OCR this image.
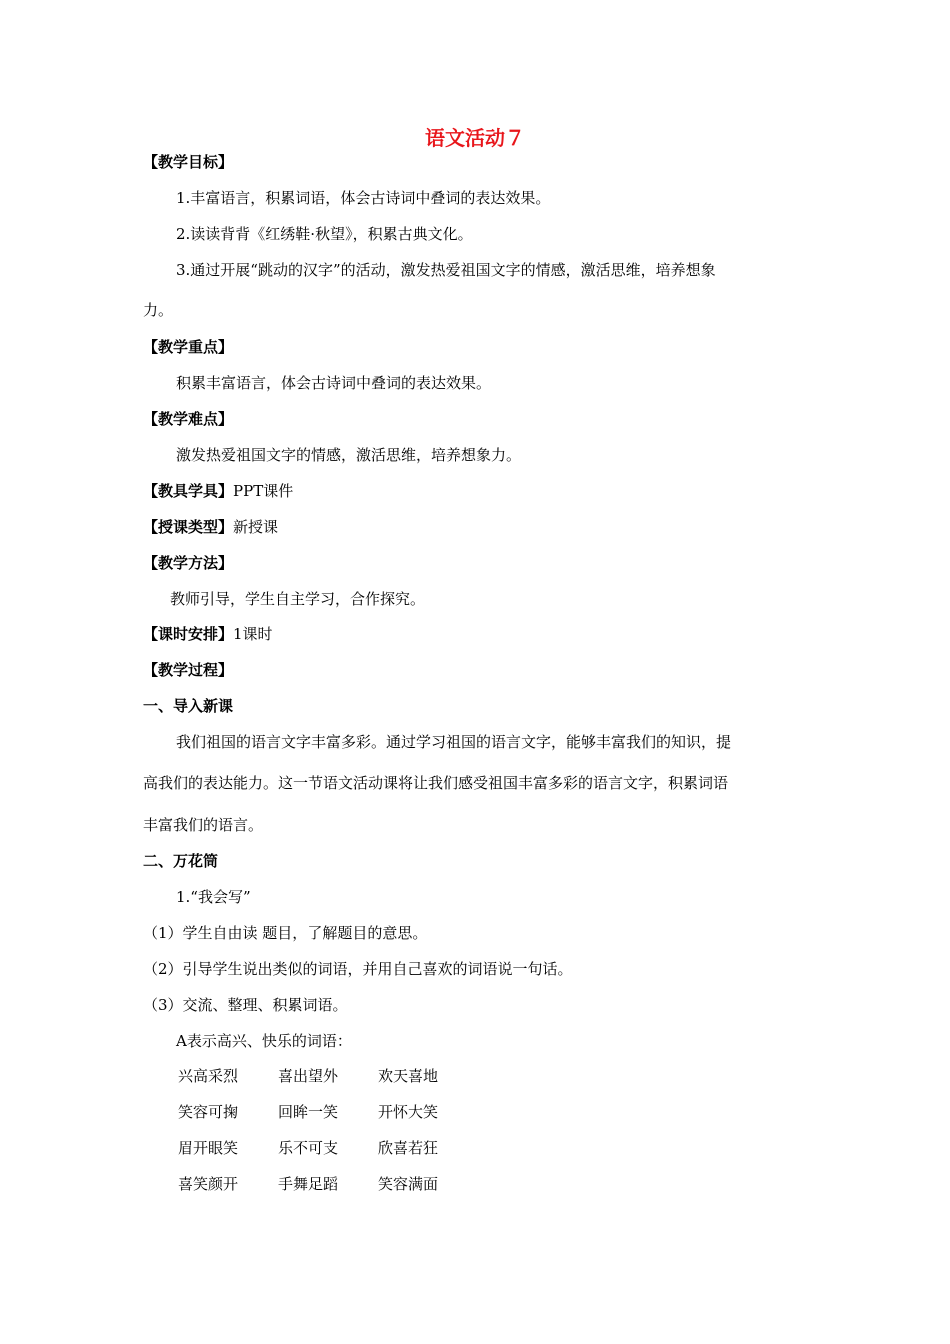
语文活动７
【教学目标】
1.丰富语言，积累词语，体会古诗词中叠词的表达效果。
2.读读背背《红绣鞋·秋望》，积累古典文化。
3.通过开展“跳动的汉字”的活动，激发热爱祖国文字的情感，激活思维，培养想象
力。
【教学重点】
积累丰富语言，体会古诗词中叠词的表达效果。
【教学难点】
激发热爱祖国文字的情感，激活思维，培养想象力。
【教具学具】PPT课件
【授课类型】新授课
【教学方法】
教师引导，学生自主学习，合作探究。
【课时安排】1课时
【教学过程】
一、导入新课
我们祖国的语言文字丰富多彩。通过学习祖国的语言文字，能够丰富我们的知识，提
高我们的表达能力。这一节语文活动课将让我们感受祖国丰富多彩的语言文字，积累词语
丰富我们的语言。
二、万花筒
1.“我会写”
（1）学生自由读 题目，了解题目的意思。
（2）引导学生说出类似的词语，并用自己喜欢的词语说一句话。
（3）交流、整理、积累词语。
A表示高兴、快乐的词语：
兴高采烈	喜出望外	欢天喜地
笑容可掬	回眸一笑	开怀大笑
眉开眼笑	乐不可支	欣喜若狂
喜笑颜开	手舞足蹈	笑容满面
